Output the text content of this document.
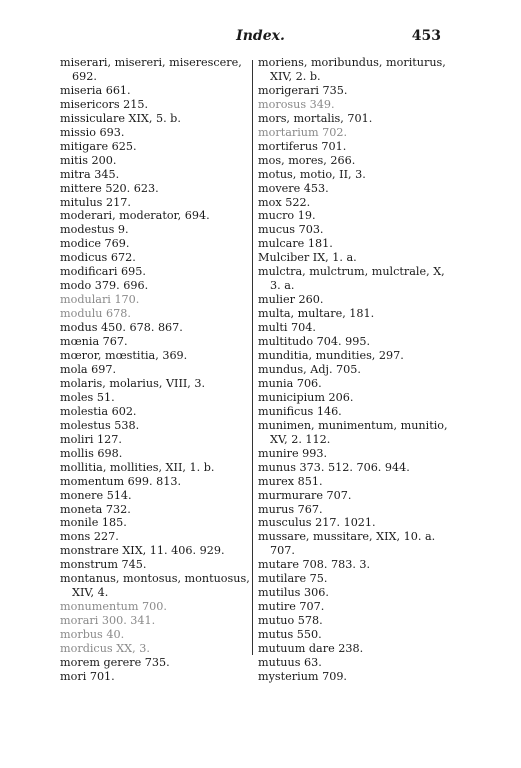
Index.	453
miserari, misereri, miserescere, 692.
miseria 661.
misericors 215.
missiculare XIX, 5. b.
missio 693.
mitigare 625.
mitis 200.
mitra 345.
mittere 520. 623.
mitulus 217.
moderari, moderator, 694.
modestus 9.
modice 769.
modicus 672.
modificari 695.
modo 379. 696.
modulari 170.
modulu 678.
modus 450. 678. 867.
mœnia 767.
mœror, mœstitia, 369.
mola 697.
molaris, molarius, VIII, 3.
moles 51.
molestia 602.
molestus 538.
moliri 127.
mollis 698.
mollitia, mollities, XII, 1. b.
momentum 699. 813.
monere 514.
moneta 732.
monile 185.
mons 227.
monstrare XIX, 11. 406. 929.
monstrum 745.
montanus, montosus, montuosus, XIV, 4.
monumentum 700.
morari 300. 341.
morbus 40.
mordicus XX, 3.
morem gerere 735.
mori 701.
moriens, moribundus, moriturus, XIV, 2. b.
morigerari 735.
morosus 349.
mors, mortalis, 701.
mortarium 702.
mortiferus 701.
mos, mores, 266.
motus, motio, II, 3.
movere 453.
mox 522.
mucro 19.
mucus 703.
mulcare 181.
Mulciber IX, 1. a.
mulctra, mulctrum, mulctrale, X, 3. a.
mulier 260.
multa, multare, 181.
multi 704.
multitudo 704. 995.
munditia, mundities, 297.
mundus, Adj. 705.
munia 706.
municipium 206.
munificus 146.
munimen, munimentum, munitio, XV, 2. 112.
munire 993.
munus 373. 512. 706. 944.
murex 851.
murmurare 707.
murus 767.
musculus 217. 1021.
mussare, mussitare, XIX, 10. a. 707.
mutare 708. 783. 3.
mutilare 75.
mutilus 306.
mutire 707.
mutuo 578.
mutus 550.
mutuum dare 238.
mutuus 63.
mysterium 709.
